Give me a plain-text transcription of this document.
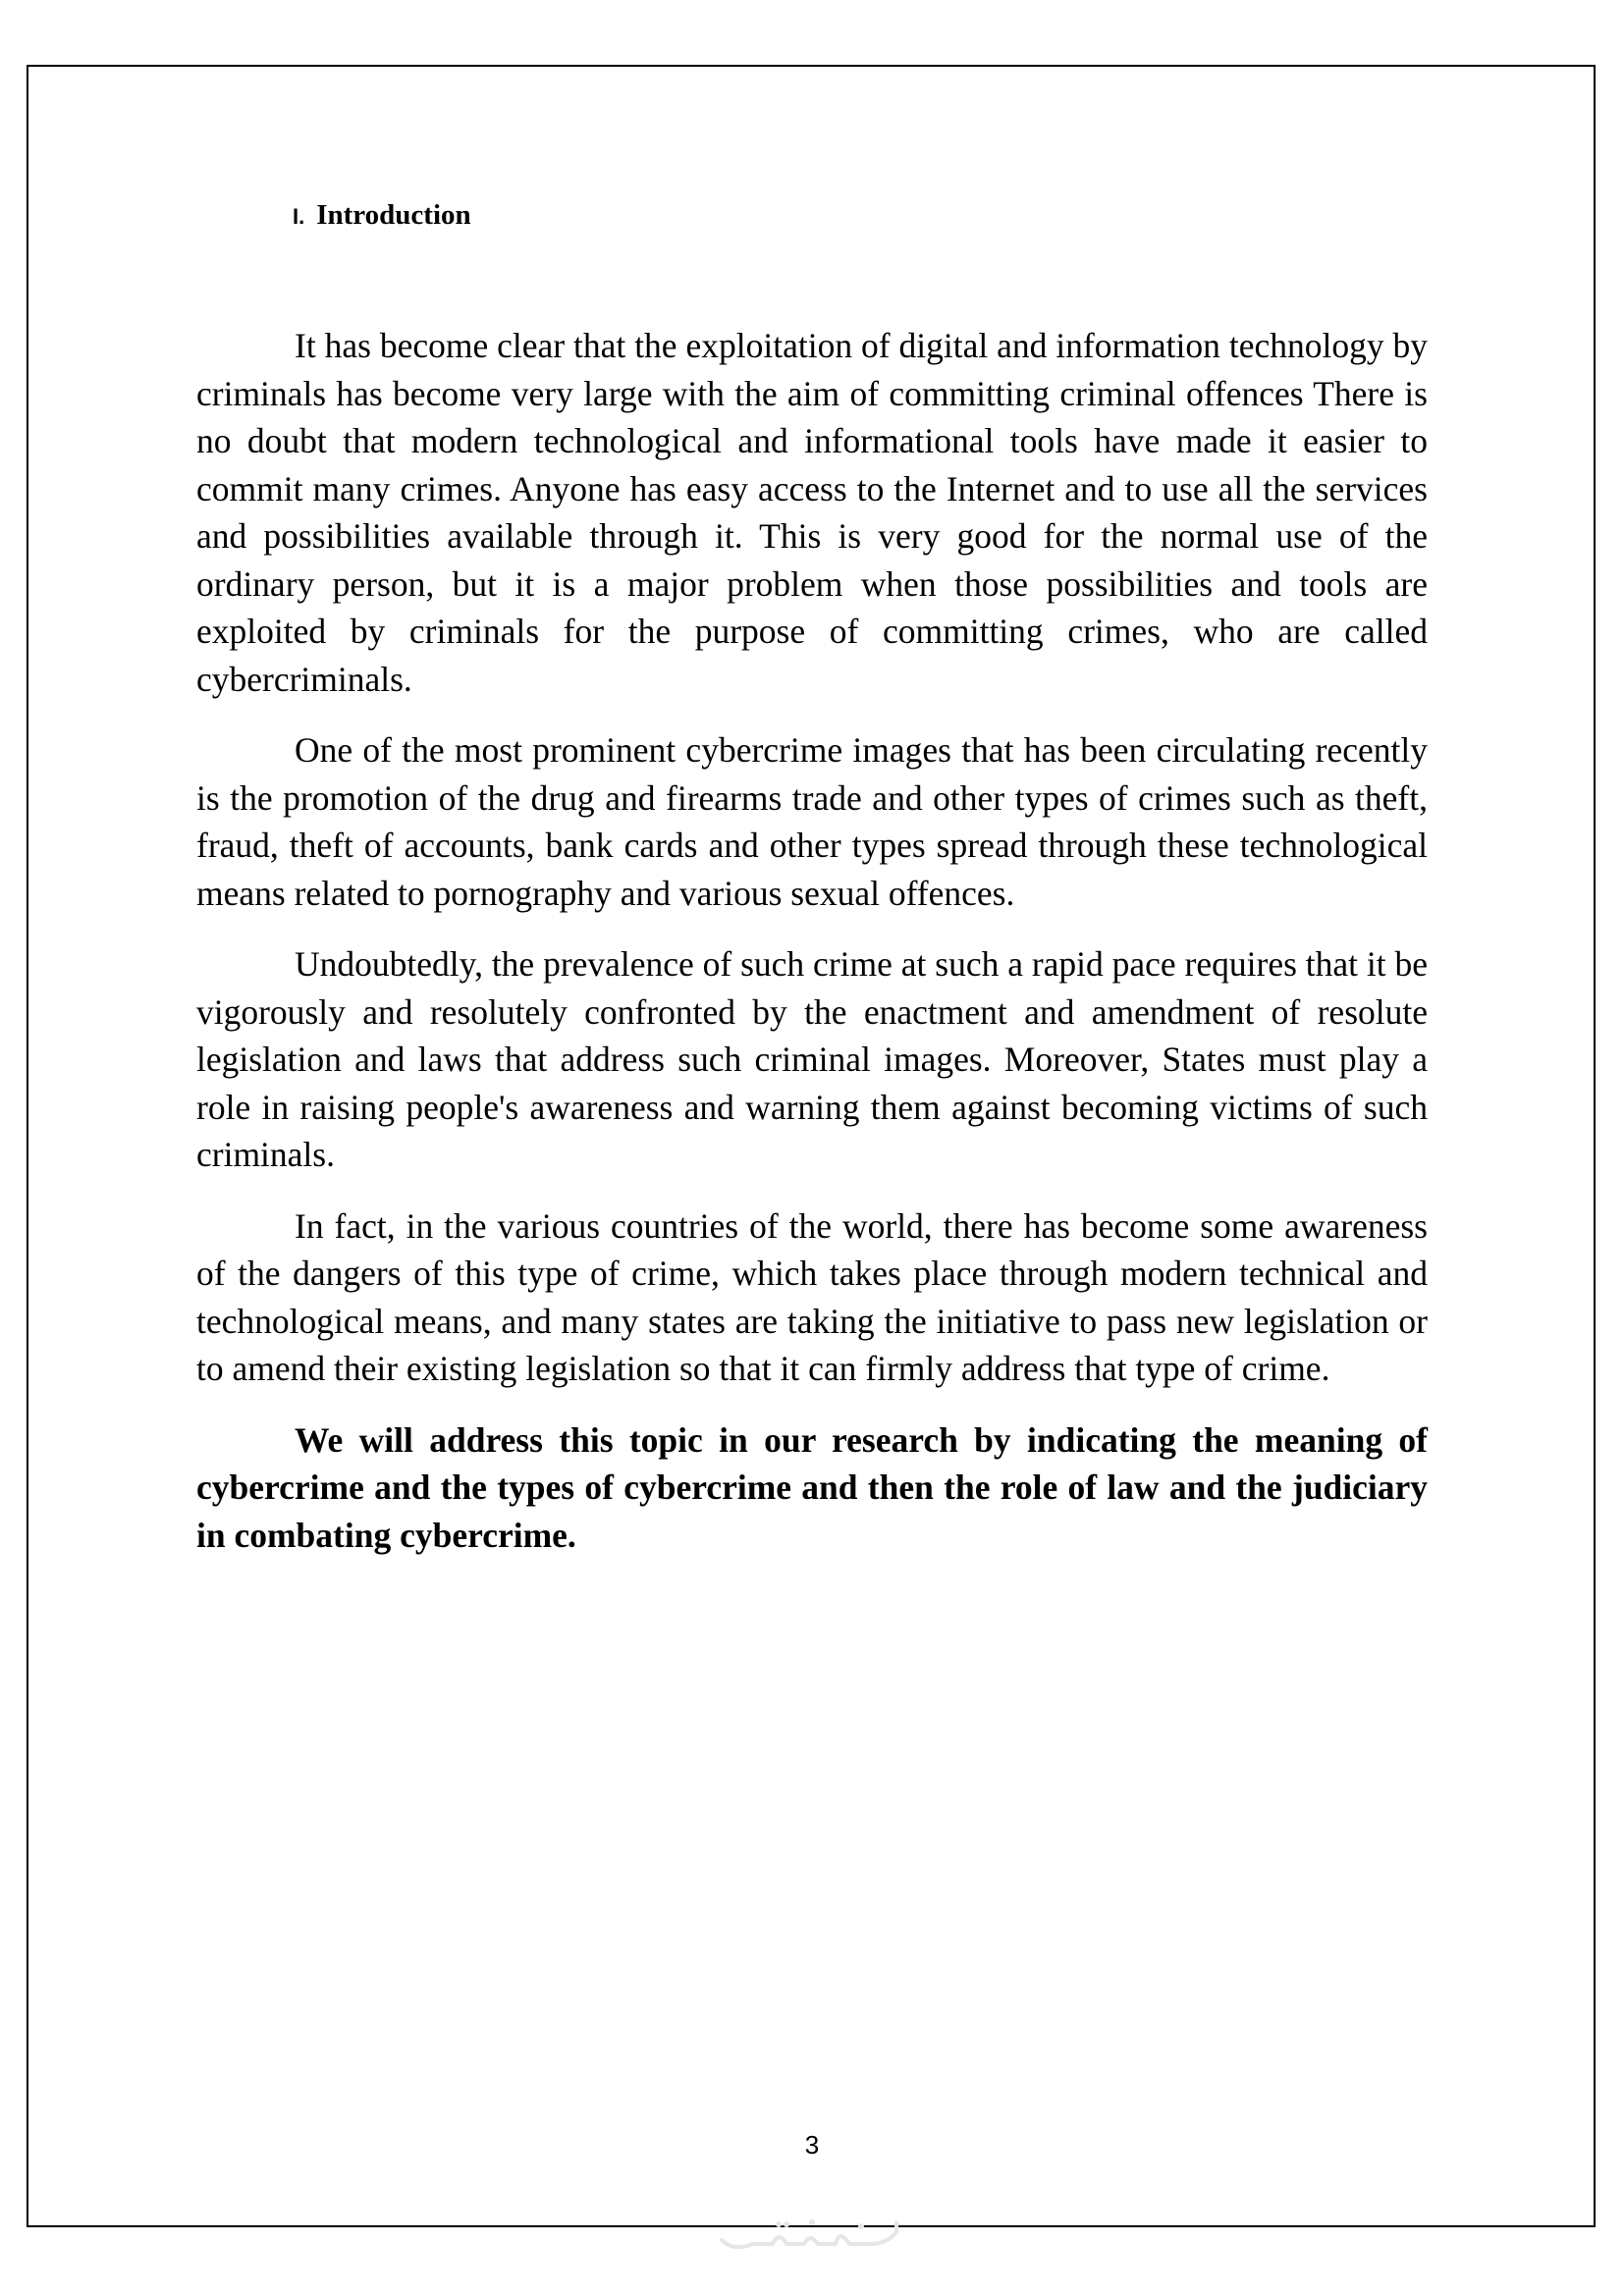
I. Introduction

It has become clear that the exploitation of digital and information technology by criminals has become very large with the aim of committing criminal offences There is no doubt that modern technological and informational tools have made it easier to commit many crimes. Anyone has easy access to the Internet and to use all the services and possibilities available through it. This is very good for the normal use of the ordinary person, but it is a major problem when those possibilities and tools are exploited by criminals for the purpose of committing crimes, who are called cybercriminals.

One of the most prominent cybercrime images that has been circulating recently is the promotion of the drug and firearms trade and other types of crimes such as theft, fraud, theft of accounts, bank cards and other types spread through these technological means related to pornography and various sexual offences.

Undoubtedly, the prevalence of such crime at such a rapid pace requires that it be vigorously and resolutely confronted by the enactment and amendment of resolute legislation and laws that address such criminal images. Moreover, States must play a role in raising people's awareness and warning them against becoming victims of such criminals.

In fact, in the various countries of the world, there has become some awareness of the dangers of this type of crime, which takes place through modern technical and technological means, and many states are taking the initiative to pass new legislation or to amend their existing legislation so that it can firmly address that type of crime.

We will address this topic in our research by indicating the meaning of cybercrime and the types of cybercrime and then the role of law and the judiciary in combating cybercrime.

3
